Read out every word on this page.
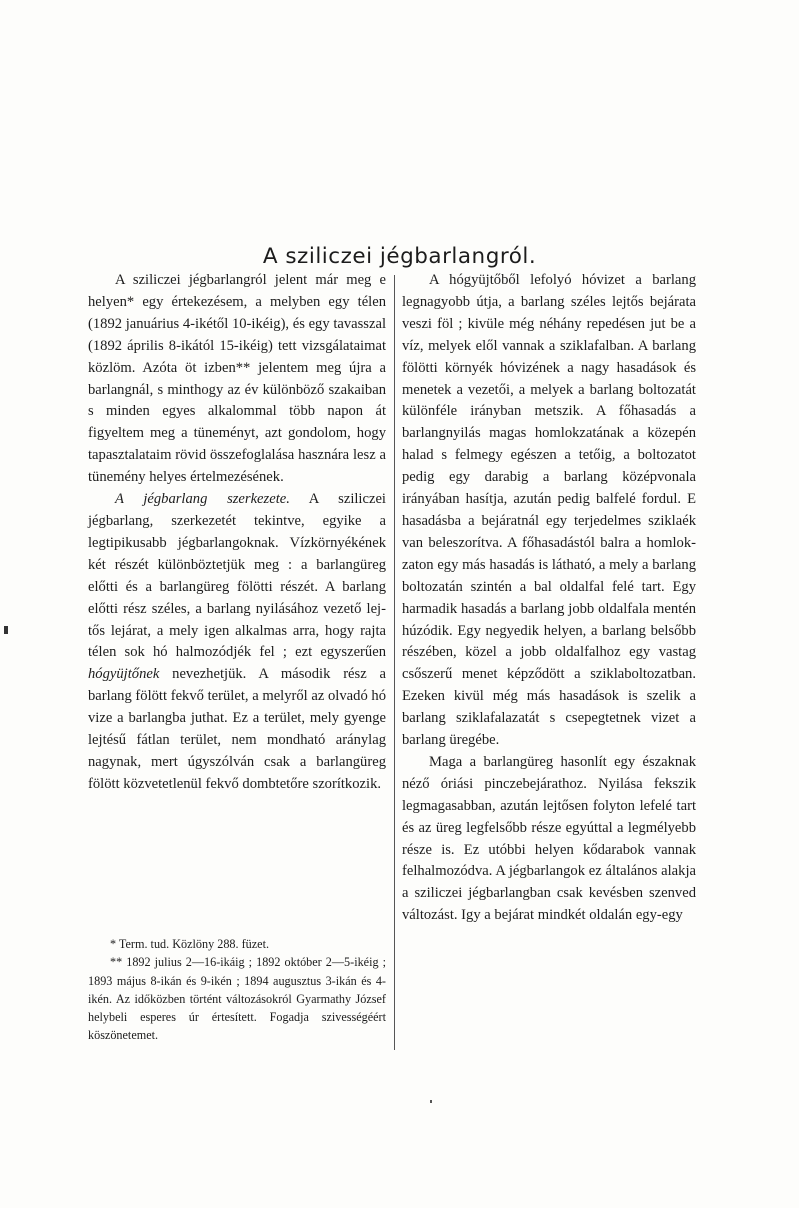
A sziliczei jégbarlangról.

A sziliczei jégbarlangról jelent már meg e helyen* egy értekezésem, a melyben egy télen (1892 januárius 4-ikétől 10-ikéig), és egy tavasszal (1892 április 8-ikától 15-ikéig) tett vizsgálataimat közlöm. Azóta öt izben** jelentem meg újra a barlangnál, s minthogy az év különböző szakaiban s minden egyes alkalommal több napon át figyeltem meg a tüneményt, azt gondolom, hogy tapasztalataim rövid összefoglalása hasznára lesz a tünemény helyes értelmezésének.

A jégbarlang szerkezete. A sziliczei jégbarlang, szerkezetét tekintve, egyike a legtipikusabb jégbarlangoknak. Vízkörnyékének két részét különböztetjük meg : a barlangüreg előtti és a barlangüreg fölötti részét. A barlang előtti rész széles, a barlang nyilásához vezető lejtős lejárat, a mely igen alkalmas arra, hogy rajta télen sok hó halmozódjék fel ; ezt egyszerűen hógyüjtőnek nevezhetjük. A második rész a barlang fölött fekvő terület, a melyről az olvadó hó vize a barlangba juthat. Ez a terület, mely gyenge lejtésű fátlan terület, nem mondható aránylag nagynak, mert úgyszólván csak a barlangüreg fölött közvetetlenül fekvő dombtetőre szorítkozik.

* Term. tud. Közlöny 288. füzet.

** 1892 julius 2—16-ikáig ; 1892 október 2—5-ikéig ; 1893 május 8-ikán és 9-ikén ; 1894 augusztus 3-ikán és 4-ikén. Az időközben történt változásokról Gyarmathy József helybeli esperes úr értesített. Fogadja szivességéért köszönetemet.

A hógyüjtőből lefolyó hóvizet a barlang legnagyobb útja, a barlang széles lejtős bejárata veszi föl ; kivüle még néhány repedésen jut be a víz, melyek elől vannak a sziklafalban. A barlang fölötti környék hóvizének a nagy hasadások és menetek a vezetői, a melyek a barlang boltozatát különféle irányban metszik. A főhasadás a barlangnyilás magas homlokzatának a közepén halad s felmegy egészen a tetőig, a boltozatot pedig egy darabig a barlang középvonala irányában hasítja, azután pedig balfelé fordul. E hasadásba a bejáratnál egy terjedelmes sziklaék van beleszorítva. A főhasadástól balra a homlokzaton egy más hasadás is látható, a mely a barlang boltozatán szintén a bal oldalfal felé tart. Egy harmadik hasadás a barlang jobb oldalfala mentén húzódik. Egy negyedik helyen, a barlang belsőbb részében, közel a jobb oldalfalhoz egy vastag csőszerű menet képződött a sziklaboltozatban. Ezeken kivül még más hasadások is szelik a barlang sziklafalazatát s csepegtetnek vizet a barlang üregébe.

Maga a barlangüreg hasonlít egy északnak néző óriási pinczebejárathoz. Nyilása fekszik legmagasabban, azután lejtősen folyton lefelé tart és az üreg legfelsőbb része egyúttal a legmélyebb része is. Ez utóbbi helyen kődarabok vannak felhalmozódva. A jégbarlangok ez általános alakja a sziliczei jégbarlangban csak kevésben szenved változást. Igy a bejárat mindkét oldalán egy-egy
